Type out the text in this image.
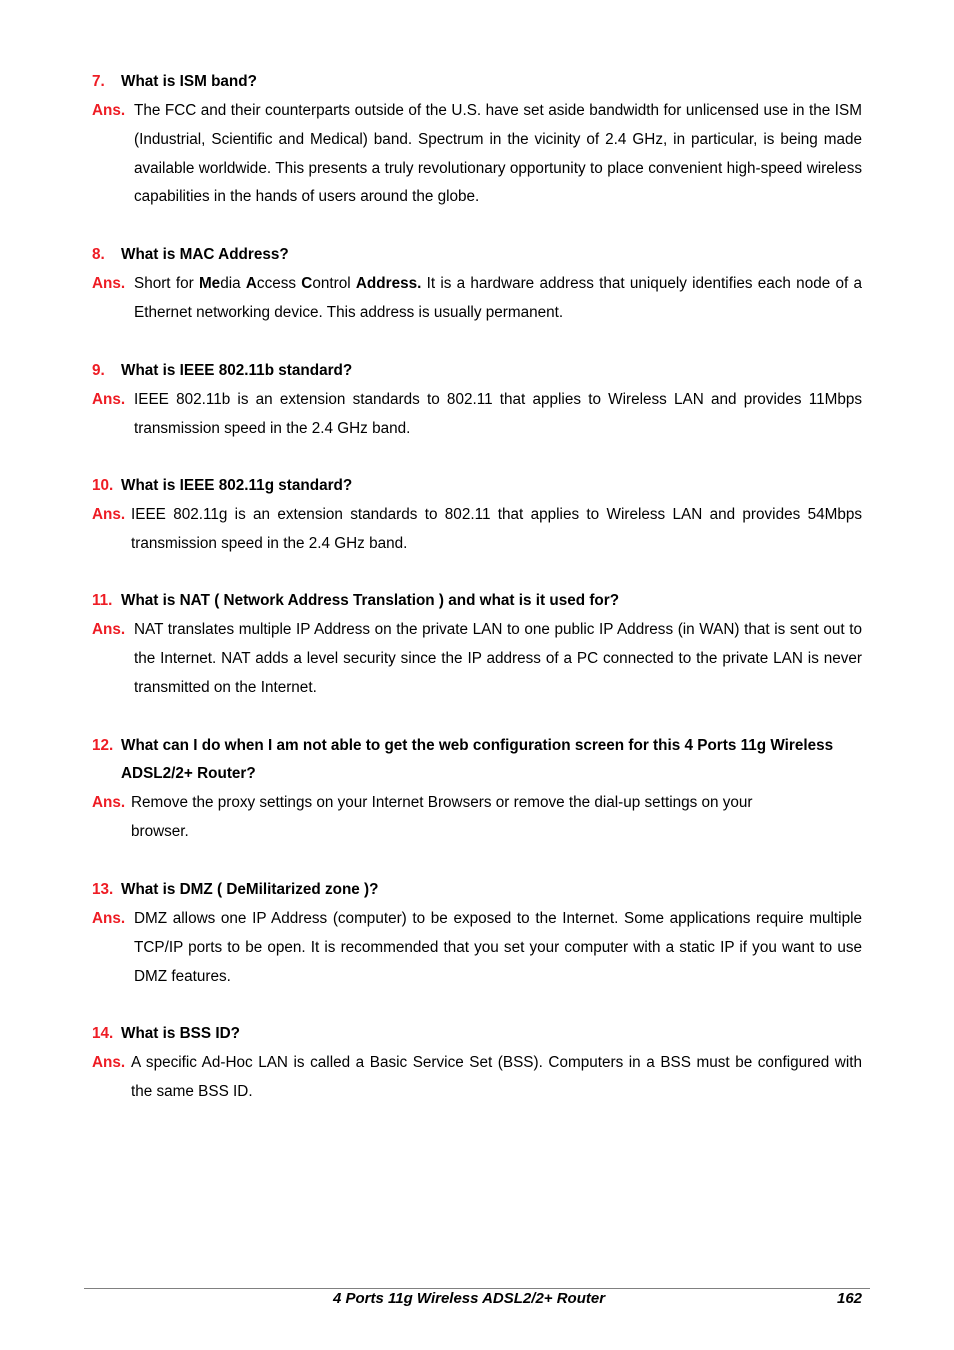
7.	What is ISM band?
Ans. The FCC and their counterparts outside of the U.S. have set aside bandwidth for unlicensed use in the ISM (Industrial, Scientific and Medical) band. Spectrum in the vicinity of 2.4 GHz, in particular, is being made available worldwide. This presents a truly revolutionary opportunity to place convenient high-speed wireless capabilities in the hands of users around the globe.
8.	What is MAC Address?
Ans. Short for Media Access Control Address. It is a hardware address that uniquely identifies each node of a Ethernet networking device. This address is usually permanent.
9.	What is IEEE 802.11b standard?
Ans. IEEE 802.11b is an extension standards to 802.11 that applies to Wireless LAN and provides 11Mbps transmission speed in the 2.4 GHz band.
10. What is IEEE 802.11g standard?
Ans. IEEE 802.11g is an extension standards to 802.11 that applies to Wireless LAN and provides 54Mbps transmission speed in the 2.4 GHz band.
11. What is NAT ( Network Address Translation ) and what is it used for?
Ans. NAT translates multiple IP Address on the private LAN to one public IP Address (in WAN) that is sent out to the Internet. NAT adds a level security since the IP address of a PC connected to the private LAN is never transmitted on the Internet.
12. What can I do when I am not able to get the web configuration screen for this 4 Ports 11g Wireless ADSL2/2+ Router?
Ans. Remove the proxy settings on your Internet Browsers or remove the dial-up settings on your browser.
13. What is DMZ ( DeMilitarized zone )?
Ans. DMZ allows one IP Address (computer) to be exposed to the Internet. Some applications require multiple TCP/IP ports to be open. It is recommended that you set your computer with a static IP if you want to use DMZ features.
14. What is BSS ID?
Ans. A specific Ad-Hoc LAN is called a Basic Service Set (BSS). Computers in a BSS must be configured with the same BSS ID.
4 Ports 11g Wireless ADSL2/2+ Router	162
